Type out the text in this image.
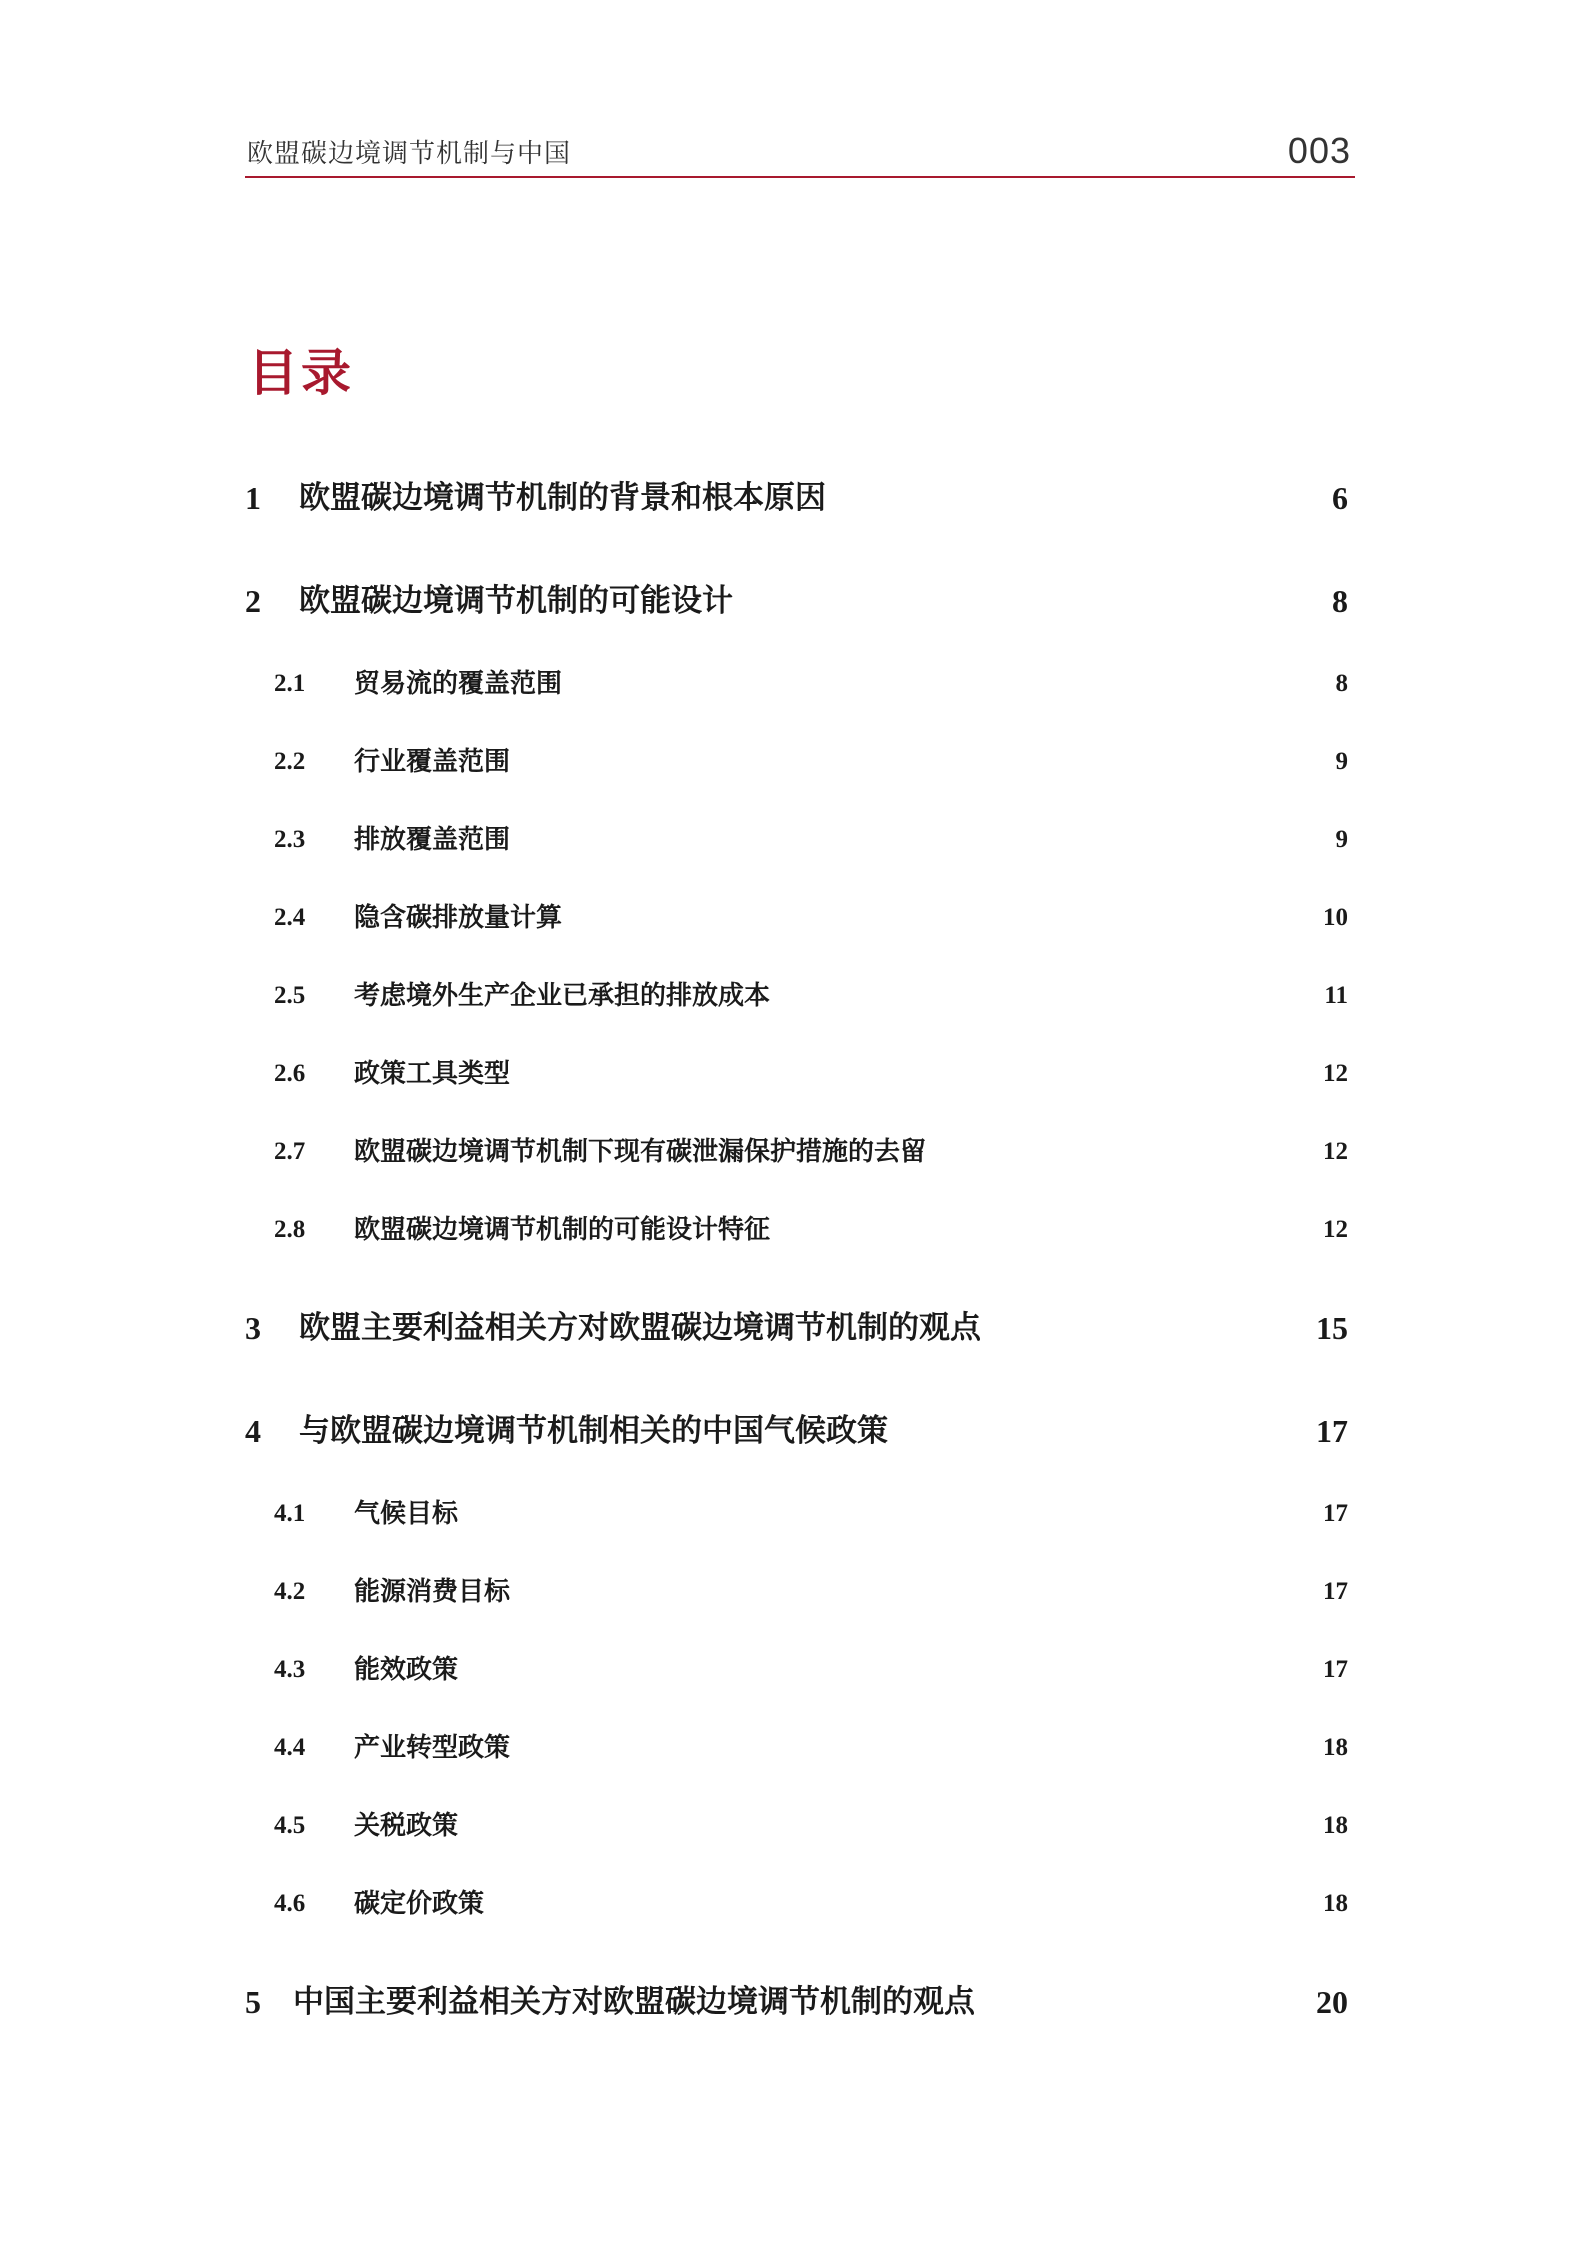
欧盟碳边境调节机制与中国	003
目录
1 欧盟碳边境调节机制的背景和根本原因	6
2 欧盟碳边境调节机制的可能设计	8
2.1 贸易流的覆盖范围	8
2.2 行业覆盖范围	9
2.3 排放覆盖范围	9
2.4 隐含碳排放量计算	10
2.5 考虑境外生产企业已承担的排放成本	11
2.6 政策工具类型	12
2.7 欧盟碳边境调节机制下现有碳泄漏保护措施的去留	12
2.8 欧盟碳边境调节机制的可能设计特征	12
3 欧盟主要利益相关方对欧盟碳边境调节机制的观点	15
4 与欧盟碳边境调节机制相关的中国气候政策	17
4.1 气候目标	17
4.2 能源消费目标	17
4.3 能效政策	17
4.4 产业转型政策	18
4.5 关税政策	18
4.6 碳定价政策	18
5 中国主要利益相关方对欧盟碳边境调节机制的观点	20
